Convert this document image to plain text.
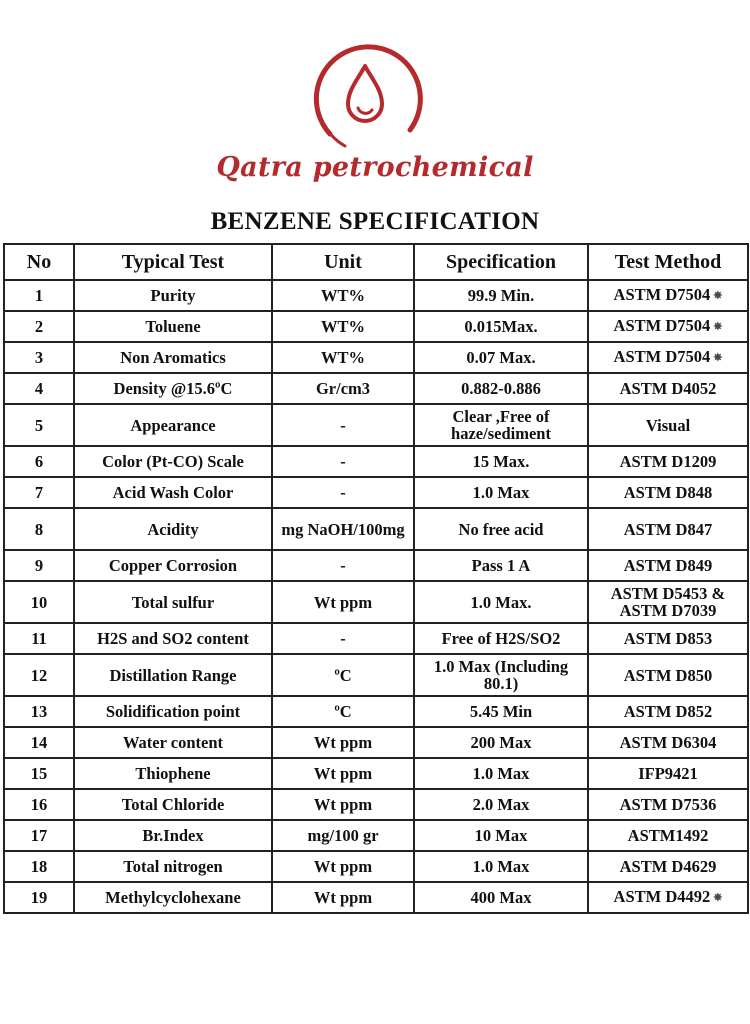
Qatra petrochemical
BENZENE SPECIFICATION
No	Typical Test	Unit	Specification	Test Method
1	Purity	WT%	99.9 Min.	ASTM D7504 ✵
2	Toluene	WT%	0.015Max.	ASTM D7504 ✵
3	Non Aromatics	WT%	0.07 Max.	ASTM D7504 ✵
4	Density @15.6ºC	Gr/cm3	0.882-0.886	ASTM D4052
5	Appearance	-	Clear ,Free of haze/sediment	Visual
6	Color (Pt-CO) Scale	-	15 Max.	ASTM D1209
7	Acid Wash Color	-	1.0 Max	ASTM D848
8	Acidity	mg NaOH/100mg	No free acid	ASTM D847
9	Copper Corrosion	-	Pass 1 A	ASTM D849
10	Total sulfur	Wt ppm	1.0 Max.	ASTM D5453 & ASTM D7039
11	H2S and SO2 content	-	Free of H2S/SO2	ASTM D853
12	Distillation Range	ºC	1.0 Max (Including 80.1)	ASTM D850
13	Solidification point	ºC	5.45 Min	ASTM D852
14	Water content	Wt ppm	200 Max	ASTM D6304
15	Thiophene	Wt ppm	1.0 Max	IFP9421
16	Total Chloride	Wt ppm	2.0 Max	ASTM D7536
17	Br.Index	mg/100 gr	10 Max	ASTM1492
18	Total nitrogen	Wt ppm	1.0 Max	ASTM D4629
19	Methylcyclohexane	Wt ppm	400 Max	ASTM D4492 ✵
